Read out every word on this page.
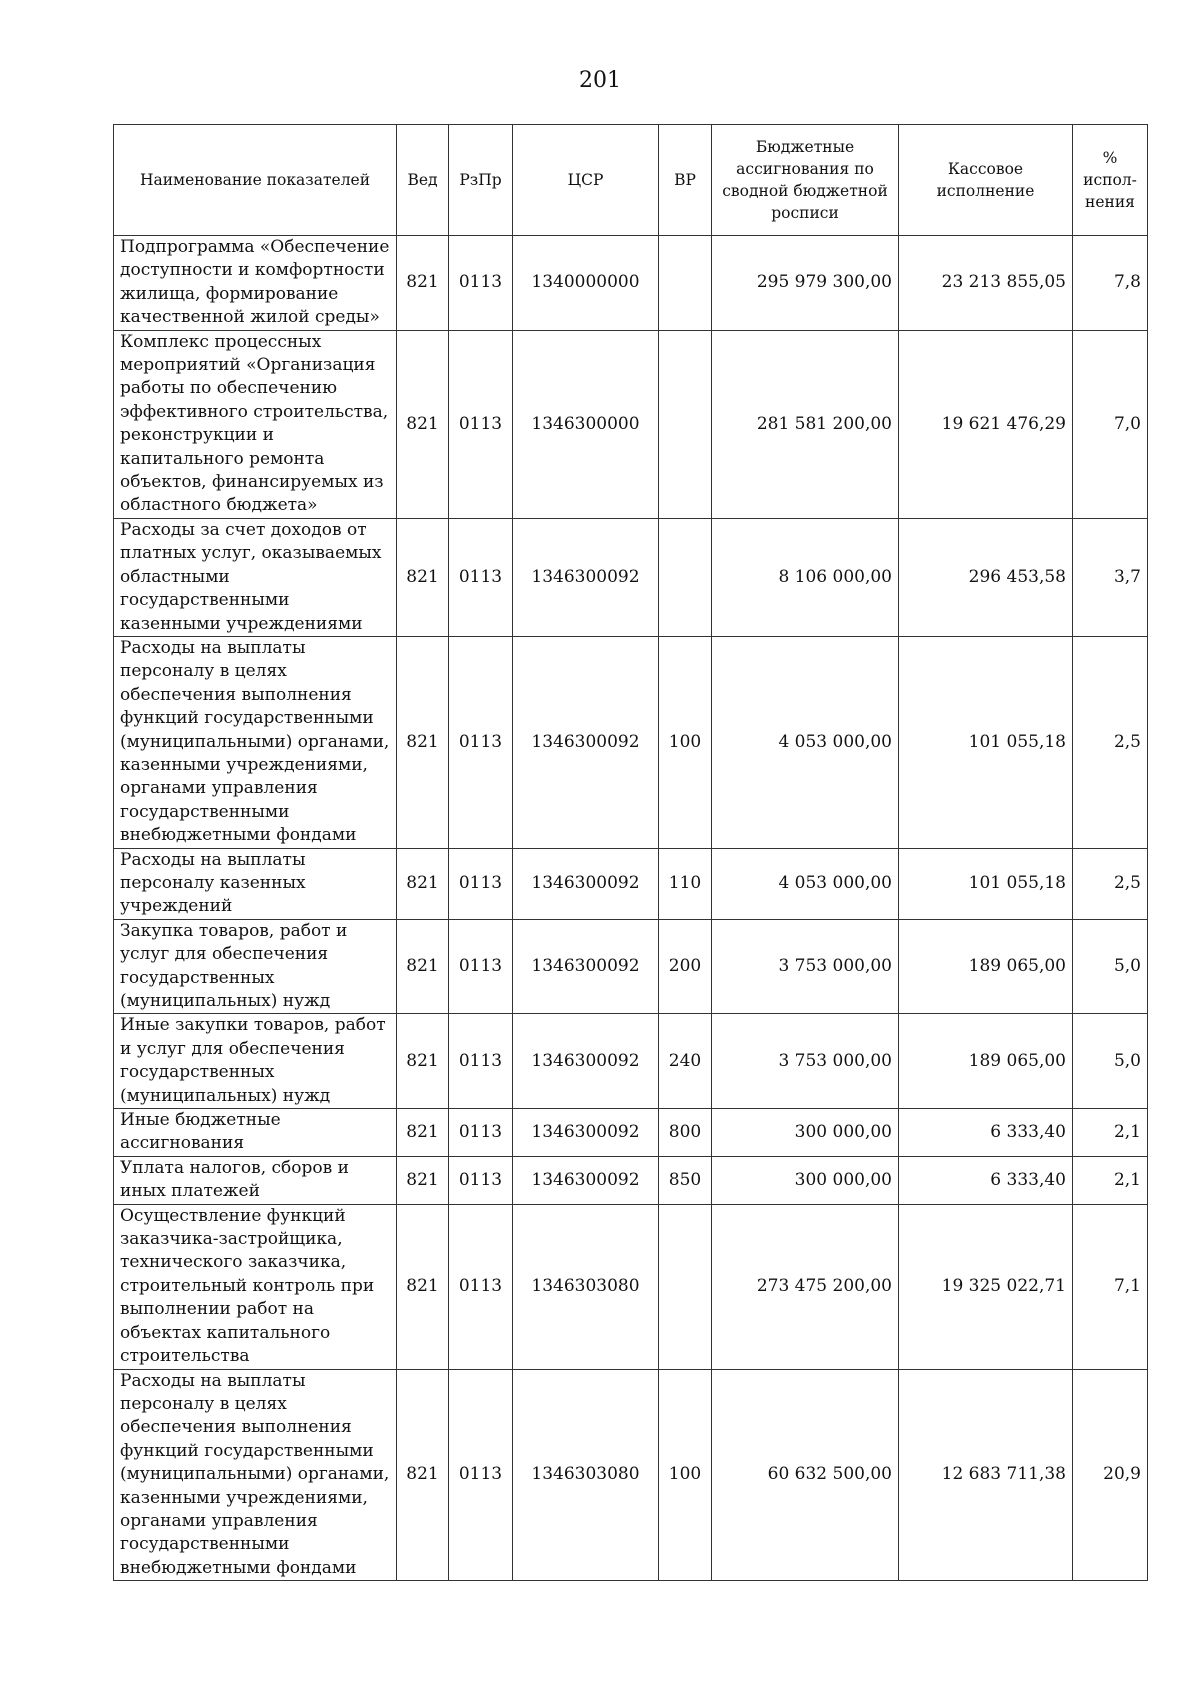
201
Наименование показателей	Вед	РзПр	ЦСР	ВР	Бюджетные ассигнования по сводной бюджетной росписи	Кассовое исполнение	% испол-нения
Подпрограмма «Обеспечение доступности и комфортности жилища, формирование качественной жилой среды»	821	0113	1340000000		295 979 300,00	23 213 855,05	7,8
Комплекс процессных мероприятий «Организация работы по обеспечению эффективного строительства, реконструкции и капитального ремонта объектов, финансируемых из областного бюджета»	821	0113	1346300000		281 581 200,00	19 621 476,29	7,0
Расходы за счет доходов от платных услуг, оказываемых областными государственными казенными учреждениями	821	0113	1346300092		8 106 000,00	296 453,58	3,7
Расходы на выплаты персоналу в целях обеспечения выполнения функций государственными (муниципальными) органами, казенными учреждениями, органами управления государственными внебюджетными фондами	821	0113	1346300092	100	4 053 000,00	101 055,18	2,5
Расходы на выплаты персоналу казенных учреждений	821	0113	1346300092	110	4 053 000,00	101 055,18	2,5
Закупка товаров, работ и услуг для обеспечения государственных (муниципальных) нужд	821	0113	1346300092	200	3 753 000,00	189 065,00	5,0
Иные закупки товаров, работ и услуг для обеспечения государственных (муниципальных) нужд	821	0113	1346300092	240	3 753 000,00	189 065,00	5,0
Иные бюджетные ассигнования	821	0113	1346300092	800	300 000,00	6 333,40	2,1
Уплата налогов, сборов и иных платежей	821	0113	1346300092	850	300 000,00	6 333,40	2,1
Осуществление функций заказчика-застройщика, технического заказчика, строительный контроль при выполнении работ на объектах капитального строительства	821	0113	1346303080		273 475 200,00	19 325 022,71	7,1
Расходы на выплаты персоналу в целях обеспечения выполнения функций государственными (муниципальными) органами, казенными учреждениями, органами управления государственными внебюджетными фондами	821	0113	1346303080	100	60 632 500,00	12 683 711,38	20,9
